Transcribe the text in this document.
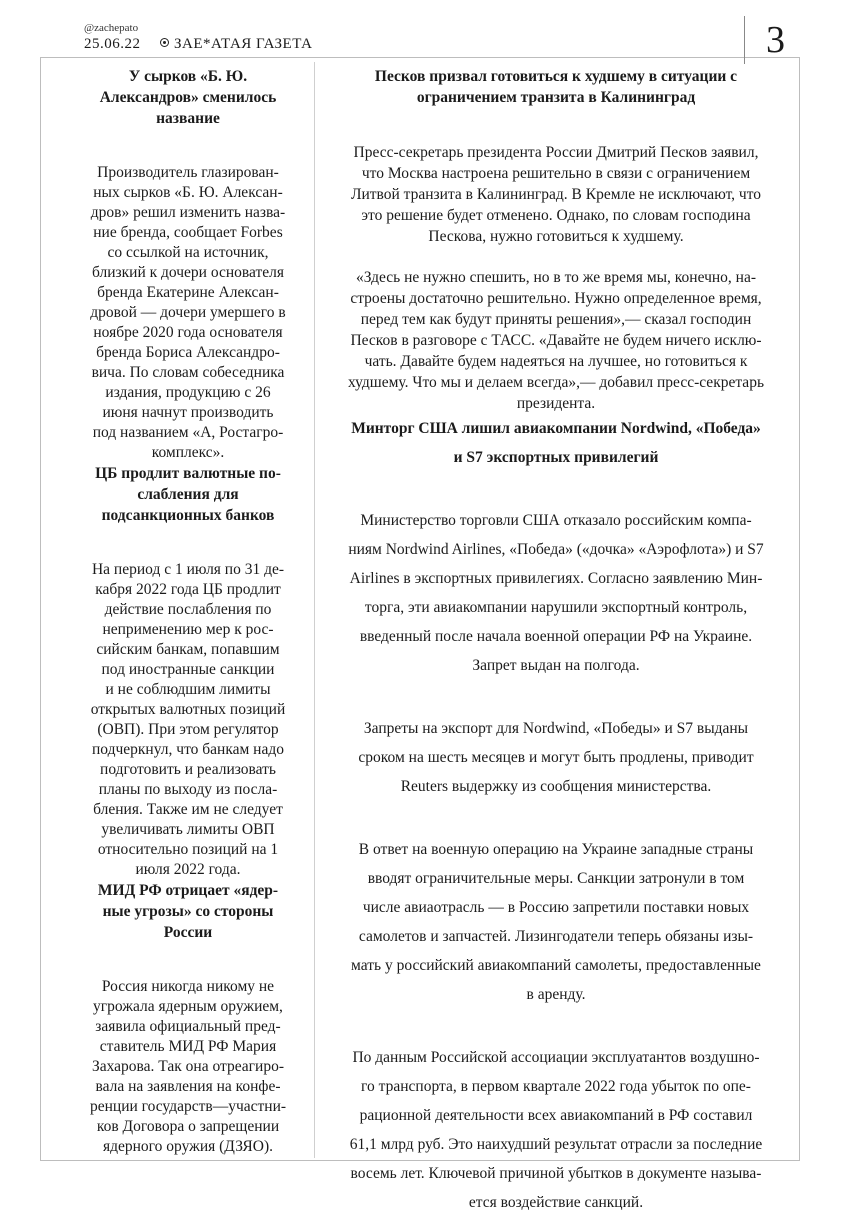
@zachepato
25.06.22	ЗАЕ*АТАЯ ГАЗЕТА	3
У сырков «Б. Ю.
Александров» сменилось
название
Производитель глазирован-
ных сырков «Б. Ю. Алексан-
дров» решил изменить назва-
ние бренда, сообщает Forbes
со ссылкой на источник,
близкий к дочери основателя
бренда Екатерине Алексан-
дровой — дочери умершего в
ноябре 2020 года основателя
бренда Бориса Александро-
вича. По словам собеседника
издания, продукцию с 26
июня начнут производить
под названием «А, Ростагро-
комплекс».
ЦБ продлит валютные по-
слабления для
подсанкционных банков
На период с 1 июля по 31 де-
кабря 2022 года ЦБ продлит
действие послабления по
неприменению мер к рос-
сийским банкам, попавшим
под иностранные санкции
и не соблюдшим лимиты
открытых валютных позиций
(ОВП). При этом регулятор
подчеркнул, что банкам надо
подготовить и реализовать
планы по выходу из посла-
бления. Также им не следует
увеличивать лимиты ОВП
относительно позиций на 1
июля 2022 года.
МИД РФ отрицает «ядер-
ные угрозы» со стороны
России
Россия никогда никому не
угрожала ядерным оружием,
заявила официальный пред-
ставитель МИД РФ Мария
Захарова. Так она отреагиро-
вала на заявления на конфе-
ренции государств—участни-
ков Договора о запрещении
ядерного оружия (ДЗЯО).
Песков призвал готовиться к худшему в ситуации с
ограничением транзита в Калининград
Пресс-секретарь президента России Дмитрий Песков заявил,
что Москва настроена решительно в связи с ограничением
Литвой транзита в Калининград. В Кремле не исключают, что
это решение будет отменено. Однако, по словам господина
Пескова, нужно готовиться к худшему.
«Здесь не нужно спешить, но в то же время мы, конечно, на-
строены достаточно решительно. Нужно определенное время,
перед тем как будут приняты решения»,— сказал господин
Песков в разговоре с ТАСС. «Давайте не будем ничего исклю-
чать. Давайте будем надеяться на лучшее, но готовиться к
худшему. Что мы и делаем всегда»,— добавил пресс-секретарь
президента.
Минторг США лишил авиакомпании Nordwind, «Победа»
и S7 экспортных привилегий
Министерство торговли США отказало российским компа-
ниям Nordwind Airlines, «Победа» («дочка» «Аэрофлота») и S7
Airlines в экспортных привилегиях. Согласно заявлению Мин-
торга, эти авиакомпании нарушили экспортный контроль,
введенный после начала военной операции РФ на Украине.
Запрет выдан на полгода.
Запреты на экспорт для Nordwind, «Победы» и S7 выданы
сроком на шесть месяцев и могут быть продлены, приводит
Reuters выдержку из сообщения министерства.
В ответ на военную операцию на Украине западные страны
вводят ограничительные меры. Санкции затронули в том
числе авиаотрасль — в Россию запретили поставки новых
самолетов и запчастей. Лизингодатели теперь обязаны изы-
мать у российский авиакомпаний самолеты, предоставленные
в аренду.
По данным Российской ассоциации эксплуатантов воздушно-
го транспорта, в первом квартале 2022 года убыток по опе-
рационной деятельности всех авиакомпаний в РФ составил
61,1 млрд руб. Это наихудший результат отрасли за последние
восемь лет. Ключевой причиной убытков в документе называ-
ется воздействие санкций.
